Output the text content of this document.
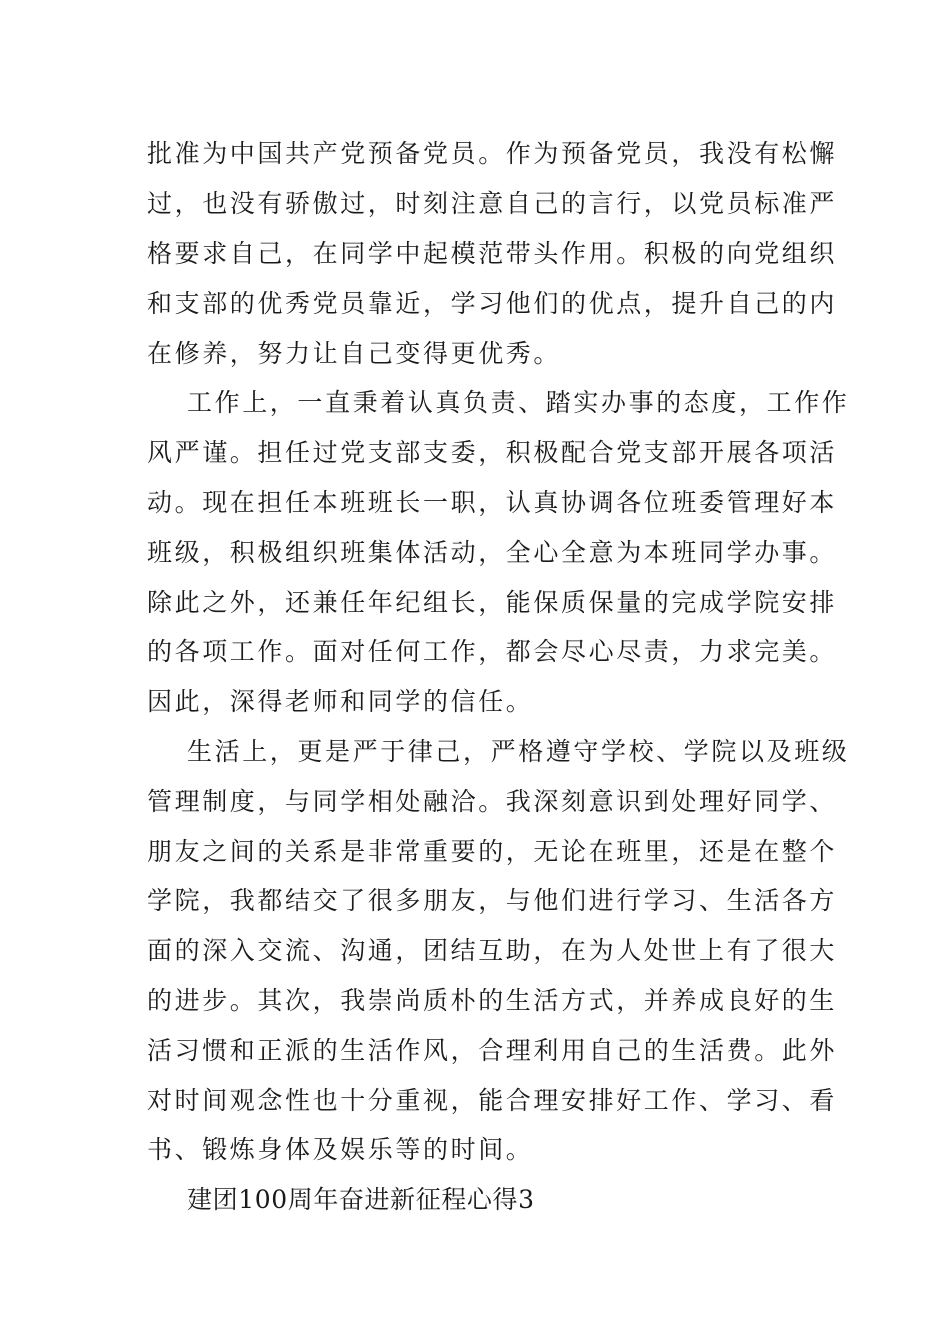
批准为中国共产党预备党员。作为预备党员，我没有松懈
过，也没有骄傲过，时刻注意自己的言行，以党员标准严
格要求自己，在同学中起模范带头作用。积极的向党组织
和支部的优秀党员靠近，学习他们的优点，提升自己的内
在修养，努力让自己变得更优秀。
工作上，一直秉着认真负责、踏实办事的态度，工作作
风严谨。担任过党支部支委，积极配合党支部开展各项活
动。现在担任本班班长一职，认真协调各位班委管理好本
班级，积极组织班集体活动，全心全意为本班同学办事。
除此之外，还兼任年纪组长，能保质保量的完成学院安排
的各项工作。面对任何工作，都会尽心尽责，力求完美。
因此，深得老师和同学的信任。
生活上，更是严于律己，严格遵守学校、学院以及班级
管理制度，与同学相处融洽。我深刻意识到处理好同学、
朋友之间的关系是非常重要的，无论在班里，还是在整个
学院，我都结交了很多朋友，与他们进行学习、生活各方
面的深入交流、沟通，团结互助，在为人处世上有了很大
的进步。其次，我崇尚质朴的生活方式，并养成良好的生
活习惯和正派的生活作风，合理利用自己的生活费。此外
对时间观念性也十分重视，能合理安排好工作、学习、看
书、锻炼身体及娱乐等的时间。
建团100周年奋进新征程心得3
